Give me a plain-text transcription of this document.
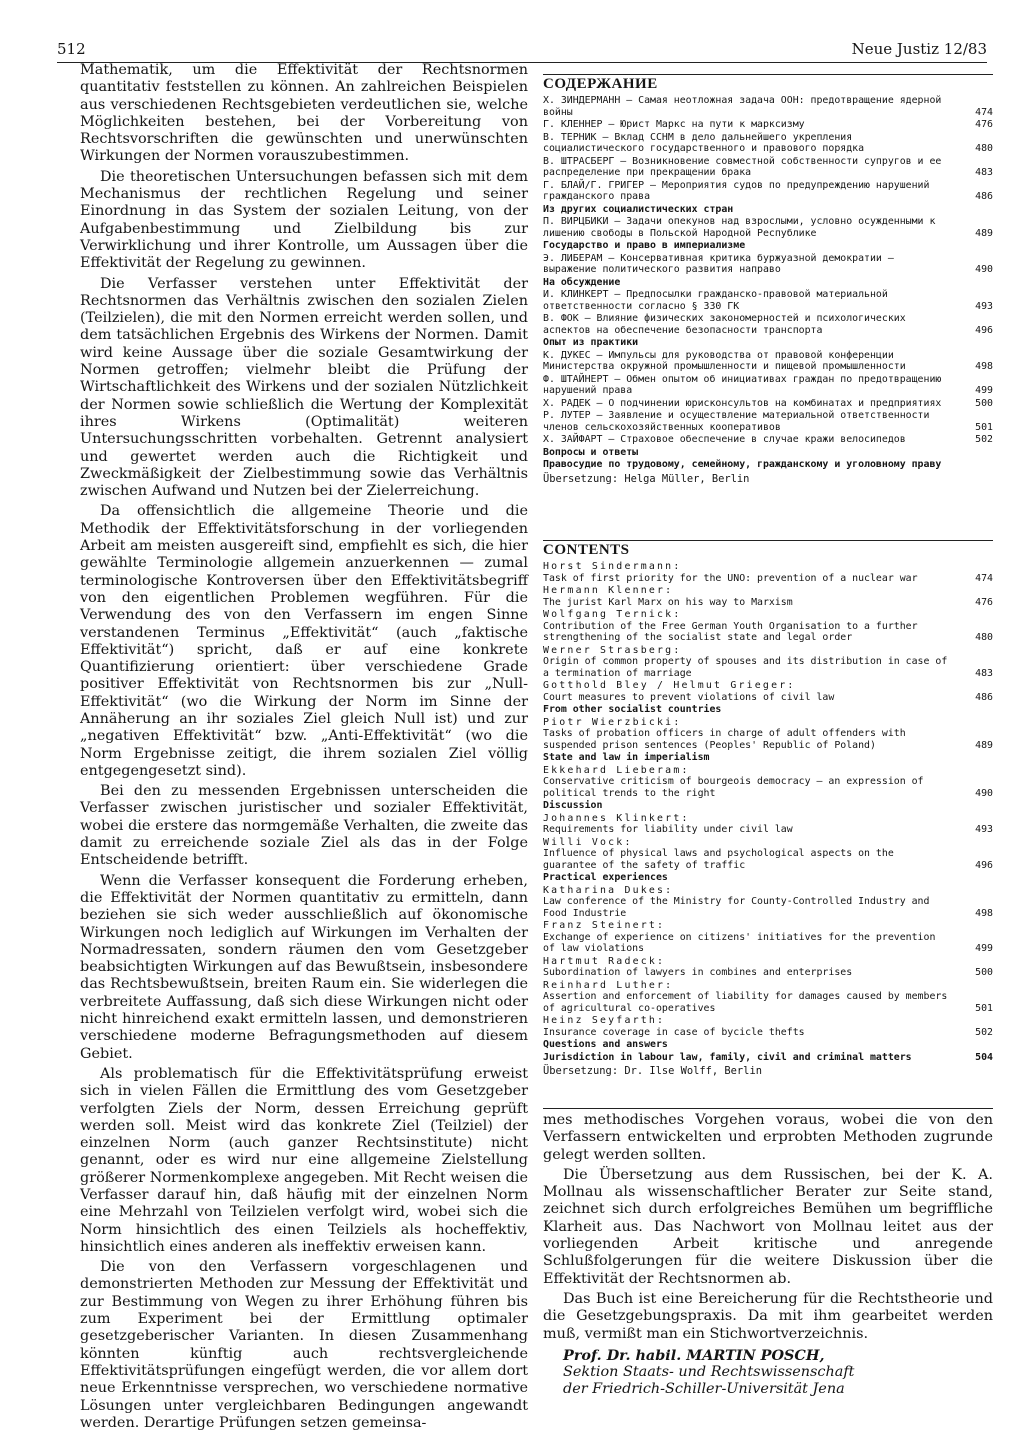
512	Neue Justiz 12/83

Mathematik, um die Effektivität der Rechtsnormen quantitativ feststellen zu können. An zahlreichen Beispielen aus verschiedenen Rechtsgebieten verdeutlichen sie, welche Möglichkeiten bestehen, bei der Vorbereitung von Rechtsvorschriften die gewünschten und unerwünschten Wirkungen der Normen vorauszubestimmen.

Die theoretischen Untersuchungen befassen sich mit dem Mechanismus der rechtlichen Regelung und seiner Einordnung in das System der sozialen Leitung, von der Aufgabenbestimmung und Zielbildung bis zur Verwirklichung und ihrer Kontrolle, um Aussagen über die Effektivität der Regelung zu gewinnen.

Die Verfasser verstehen unter Effektivität der Rechtsnormen das Verhältnis zwischen den sozialen Zielen (Teilzielen), die mit den Normen erreicht werden sollen, und dem tatsächlichen Ergebnis des Wirkens der Normen. Damit wird keine Aussage über die soziale Gesamtwirkung der Normen getroffen; vielmehr bleibt die Prüfung der Wirtschaftlichkeit des Wirkens und der sozialen Nützlichkeit der Normen sowie schließlich die Wertung der Komplexität ihres Wirkens (Optimalität) weiteren Untersuchungsschritten vorbehalten. Getrennt analysiert und gewertet werden auch die Richtigkeit und Zweckmäßigkeit der Zielbestimmung sowie das Verhältnis zwischen Aufwand und Nutzen bei der Zielerreichung.

Da offensichtlich die allgemeine Theorie und die Methodik der Effektivitätsforschung in der vorliegenden Arbeit am meisten ausgereift sind, empfiehlt es sich, die hier gewählte Terminologie allgemein anzuerkennen — zumal terminologische Kontroversen über den Effektivitätsbegriff von den eigentlichen Problemen wegführen. Für die Verwendung des von den Verfassern im engen Sinne verstandenen Terminus „Effektivität“ (auch „faktische Effektivität“) spricht, daß er auf eine konkrete Quantifizierung orientiert: über verschiedene Grade positiver Effektivität von Rechtsnormen bis zur „Null-Effektivität“ (wo die Wirkung der Norm im Sinne der Annäherung an ihr soziales Ziel gleich Null ist) und zur „negativen Effektivität“ bzw. „Anti-Effektivität“ (wo die Norm Ergebnisse zeitigt, die ihrem sozialen Ziel völlig entgegengesetzt sind).

Bei den zu messenden Ergebnissen unterscheiden die Verfasser zwischen juristischer und sozialer Effektivität, wobei die erstere das normgemäße Verhalten, die zweite das damit zu erreichende soziale Ziel als das in der Folge Entscheidende betrifft.

Wenn die Verfasser konsequent die Forderung erheben, die Effektivität der Normen quantitativ zu ermitteln, dann beziehen sie sich weder ausschließlich auf ökonomische Wirkungen noch lediglich auf Wirkungen im Verhalten der Normadressaten, sondern räumen den vom Gesetzgeber beabsichtigten Wirkungen auf das Bewußtsein, insbesondere das Rechtsbewußtsein, breiten Raum ein. Sie widerlegen die verbreitete Auffassung, daß sich diese Wirkungen nicht oder nicht hinreichend exakt ermitteln lassen, und demonstrieren verschiedene moderne Befragungsmethoden auf diesem Gebiet.

Als problematisch für die Effektivitätsprüfung erweist sich in vielen Fällen die Ermittlung des vom Gesetzgeber verfolgten Ziels der Norm, dessen Erreichung geprüft werden soll. Meist wird das konkrete Ziel (Teilziel) der einzelnen Norm (auch ganzer Rechtsinstitute) nicht genannt, oder es wird nur eine allgemeine Zielstellung größerer Normenkomplexe angegeben. Mit Recht weisen die Verfasser darauf hin, daß häufig mit der einzelnen Norm eine Mehrzahl von Teilzielen verfolgt wird, wobei sich die Norm hinsichtlich des einen Teilziels als hocheffektiv, hinsichtlich eines anderen als ineffektiv erweisen kann.

Die von den Verfassern vorgeschlagenen und demonstrierten Methoden zur Messung der Effektivität und zur Bestimmung von Wegen zu ihrer Erhöhung führen bis zum Experiment bei der Ermittlung optimaler gesetzgeberischer Varianten. In diesen Zusammenhang könnten künftig auch rechtsvergleichende Effektivitätsprüfungen eingefügt werden, die vor allem dort neue Erkenntnisse versprechen, wo verschiedene normative Lösungen unter vergleichbaren Bedingungen angewandt werden. Derartige Prüfungen setzen gemeinsa-

СОДЕРЖАНИЕ
Х. ЗИНДЕРМАНН — Самая неотложная задача ООН: предотвращение ядерной войны	474
Г. КЛЕННЕР — Юрист Маркс на пути к марксизму	476
В. ТЕРНИК — Вклад ССНМ в дело дальнейшего укрепления социалистического государственного и правового порядка	480
В. ШТРАСБЕРГ — Возникновение совместной собственности супругов и ее распределение при прекращении брака	483
Г. БЛАЙ/Г. ГРИГЕР — Мероприятия судов по предупреждению нарушений гражданского права	486
Из других социалистических стран
П. ВИРЦБИКИ — Задачи опекунов над взрослыми, условно осужденными к лишению свободы в Польской Народной Республике	489
Государство и право в империализме
Э. ЛИБЕРАМ — Консервативная критика буржуазной демократии — выражение политического развития направо	490
На обсуждение
И. КЛИНКЕРТ — Предпосылки гражданско-правовой материальной ответственности согласно § 330 ГК	493
В. ФОК — Влияние физических закономерностей и психологических аспектов на обеспечение безопасности транспорта	496
Опыт из практики
К. ДУКЕС — Импульсы для руководства от правовой конференции Министерства окружной промышленности и пищевой промышленности	498
Ф. ШТАЙНЕРТ — Обмен опытом об инициативах граждан по предотвращению нарушений права	499
Х. РАДЕК — О подчинении юрисконсультов на комбинатах и предприятиях	500
Р. ЛУТЕР — Заявление и осуществление материальной ответственности членов сельскохозяйственных кооперативов	501
Х. ЗАЙФАРТ — Страховое обеспечение в случае кражи велосипедов	502
Вопросы и ответы
Правосудие по трудовому, семейному, гражданскому и уголовному праву
Übersetzung: Helga Müller, Berlin
CONTENTS
Horst Sindermann:
Task of first priority for the UNO: prevention of a nuclear war	474
Hermann Klenner:
The jurist Karl Marx on his way to Marxism	476
Wolfgang Ternick:
Contribution of the Free German Youth Organisation to a further strengthening of the socialist state and legal order	480
Werner Strasberg:
Origin of common property of spouses and its distribution in case of a termination of marriage	483
Gotthold Bley / Helmut Grieger:
Court measures to prevent violations of civil law	486
From other socialist countries
Piotr Wierzbicki:
Tasks of probation officers in charge of adult offenders with suspended prison sentences (Peoples' Republic of Poland)	489
State and law in imperialism
Ekkehard Lieberam:
Conservative criticism of bourgeois democracy — an expression of political trends to the right	490
Discussion
Johannes Klinkert:
Requirements for liability under civil law	493
Willi Vock:
Influence of physical laws and psychological aspects on the guarantee of the safety of traffic	496
Practical experiences
Katharina Dukes:
Law conference of the Ministry for County-Controlled Industry and Food Industrie	498
Franz Steinert:
Exchange of experience on citizens' initiatives for the prevention of law violations	499
Hartmut Radeck:
Subordination of lawyers in combines and enterprises	500
Reinhard Luther:
Assertion and enforcement of liability for damages caused by members of agricultural co-operatives	501
Heinz Seyfarth:
Insurance coverage in case of bycicle thefts	502
Questions and answers
Jurisdiction in labour law, family, civil and criminal matters	504
Übersetzung: Dr. Ilse Wolff, Berlin

mes methodisches Vorgehen voraus, wobei die von den Verfassern entwickelten und erprobten Methoden zugrunde gelegt werden sollten.

Die Übersetzung aus dem Russischen, bei der K. A. Mollnau als wissenschaftlicher Berater zur Seite stand, zeichnet sich durch erfolgreiches Bemühen um begriffliche Klarheit aus. Das Nachwort von Mollnau leitet aus der vorliegenden Arbeit kritische und anregende Schlußfolgerungen für die weitere Diskussion über die Effektivität der Rechtsnormen ab.

Das Buch ist eine Bereicherung für die Rechtstheorie und die Gesetzgebungspraxis. Da mit ihm gearbeitet werden muß, vermißt man ein Stichwortverzeichnis.

Prof. Dr. habil. MARTIN POSCH,
Sektion Staats- und Rechtswissenschaft
der Friedrich-Schiller-Universität Jena
